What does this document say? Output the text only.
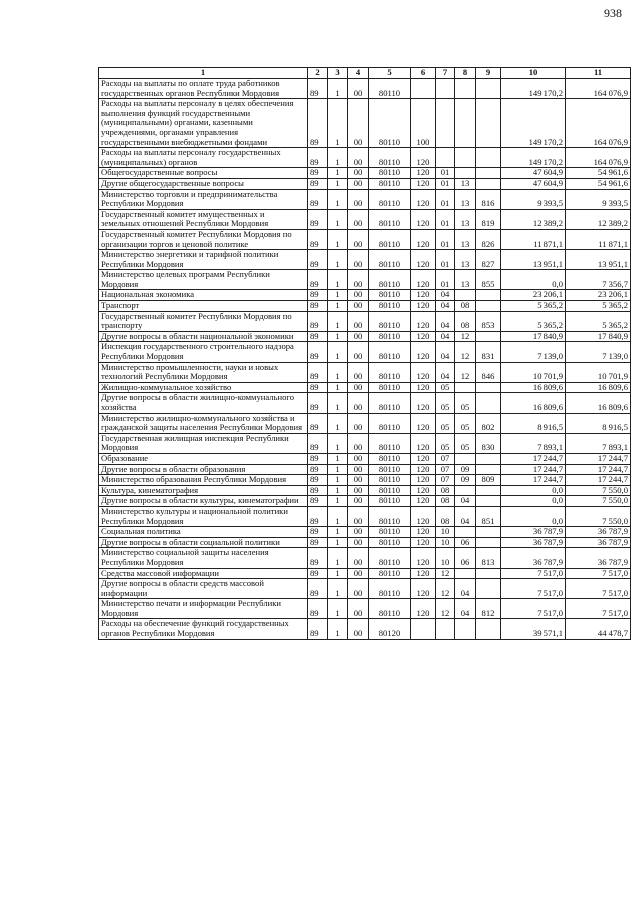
938
1	2	3	4	5	6	7	8	9	10	11
Расходы на выплаты по оплате труда работников государственных органов Республики Мордовия	89	1	00	80110					149 170,2	164 076,9
Расходы на выплаты персоналу в целях обеспечения выполнения функций государственными (муниципальными) органами, казенными учреждениями, органами управления государственными внебюджетными фондами	89	1	00	80110	100				149 170,2	164 076,9
Расходы на выплаты персоналу государственных (муниципальных) органов	89	1	00	80110	120				149 170,2	164 076,9
Общегосударственные вопросы	89	1	00	80110	120	01			47 604,9	54 961,6
Другие общегосударственные вопросы	89	1	00	80110	120	01	13		47 604,9	54 961,6
Министерство торговли и предпринимательства Республики Мордовия	89	1	00	80110	120	01	13	816	9 393,5	9 393,5
Государственный комитет имущественных и земельных отношений Республики Мордовия	89	1	00	80110	120	01	13	819	12 389,2	12 389,2
Государственный комитет Республики Мордовия по организации торгов и ценовой политике	89	1	00	80110	120	01	13	826	11 871,1	11 871,1
Министерство энергетики и тарифной политики Республики Мордовия	89	1	00	80110	120	01	13	827	13 951,1	13 951,1
Министерство целевых программ Республики Мордовия	89	1	00	80110	120	01	13	855	0,0	7 356,7
Национальная экономика	89	1	00	80110	120	04			23 206,1	23 206,1
Транспорт	89	1	00	80110	120	04	08		5 365,2	5 365,2
Государственный комитет Республики Мордовия по транспорту	89	1	00	80110	120	04	08	853	5 365,2	5 365,2
Другие вопросы в области национальной экономики	89	1	00	80110	120	04	12		17 840,9	17 840,9
Инспекция государственного строительного надзора Республики Мордовия	89	1	00	80110	120	04	12	831	7 139,0	7 139,0
Министерство промышленности, науки и новых технологий Республики Мордовия	89	1	00	80110	120	04	12	846	10 701,9	10 701,9
Жилищно-коммунальное хозяйство	89	1	00	80110	120	05			16 809,6	16 809,6
Другие вопросы в области жилищно-коммунального хозяйства	89	1	00	80110	120	05	05		16 809,6	16 809,6
Министерство жилищно-коммунального хозяйства и гражданской защиты населения Республики Мордовия	89	1	00	80110	120	05	05	802	8 916,5	8 916,5
Государственная жилищная инспекция Республики Мордовия	89	1	00	80110	120	05	05	830	7 893,1	7 893,1
Образование	89	1	00	80110	120	07			17 244,7	17 244,7
Другие вопросы в области образования	89	1	00	80110	120	07	09		17 244,7	17 244,7
Министерство образования Республики Мордовия	89	1	00	80110	120	07	09	809	17 244,7	17 244,7
Культура, кинематография	89	1	00	80110	120	08			0,0	7 550,0
Другие вопросы в области культуры, кинематографии	89	1	00	80110	120	08	04		0,0	7 550,0
Министерство культуры и национальной политики Республики Мордовия	89	1	00	80110	120	08	04	851	0,0	7 550,0
Социальная политика	89	1	00	80110	120	10			36 787,9	36 787,9
Другие вопросы в области социальной политики	89	1	00	80110	120	10	06		36 787,9	36 787,9
Министерство социальной защиты населения Республики Мордовия	89	1	00	80110	120	10	06	813	36 787,9	36 787,9
Средства массовой информации	89	1	00	80110	120	12			7 517,0	7 517,0
Другие вопросы в области средств массовой информации	89	1	00	80110	120	12	04		7 517,0	7 517,0
Министерство печати и информации Республики Мордовия	89	1	00	80110	120	12	04	812	7 517,0	7 517,0
Расходы на обеспечение функций государственных органов Республики Мордовия	89	1	00	80120					39 571,1	44 478,7
